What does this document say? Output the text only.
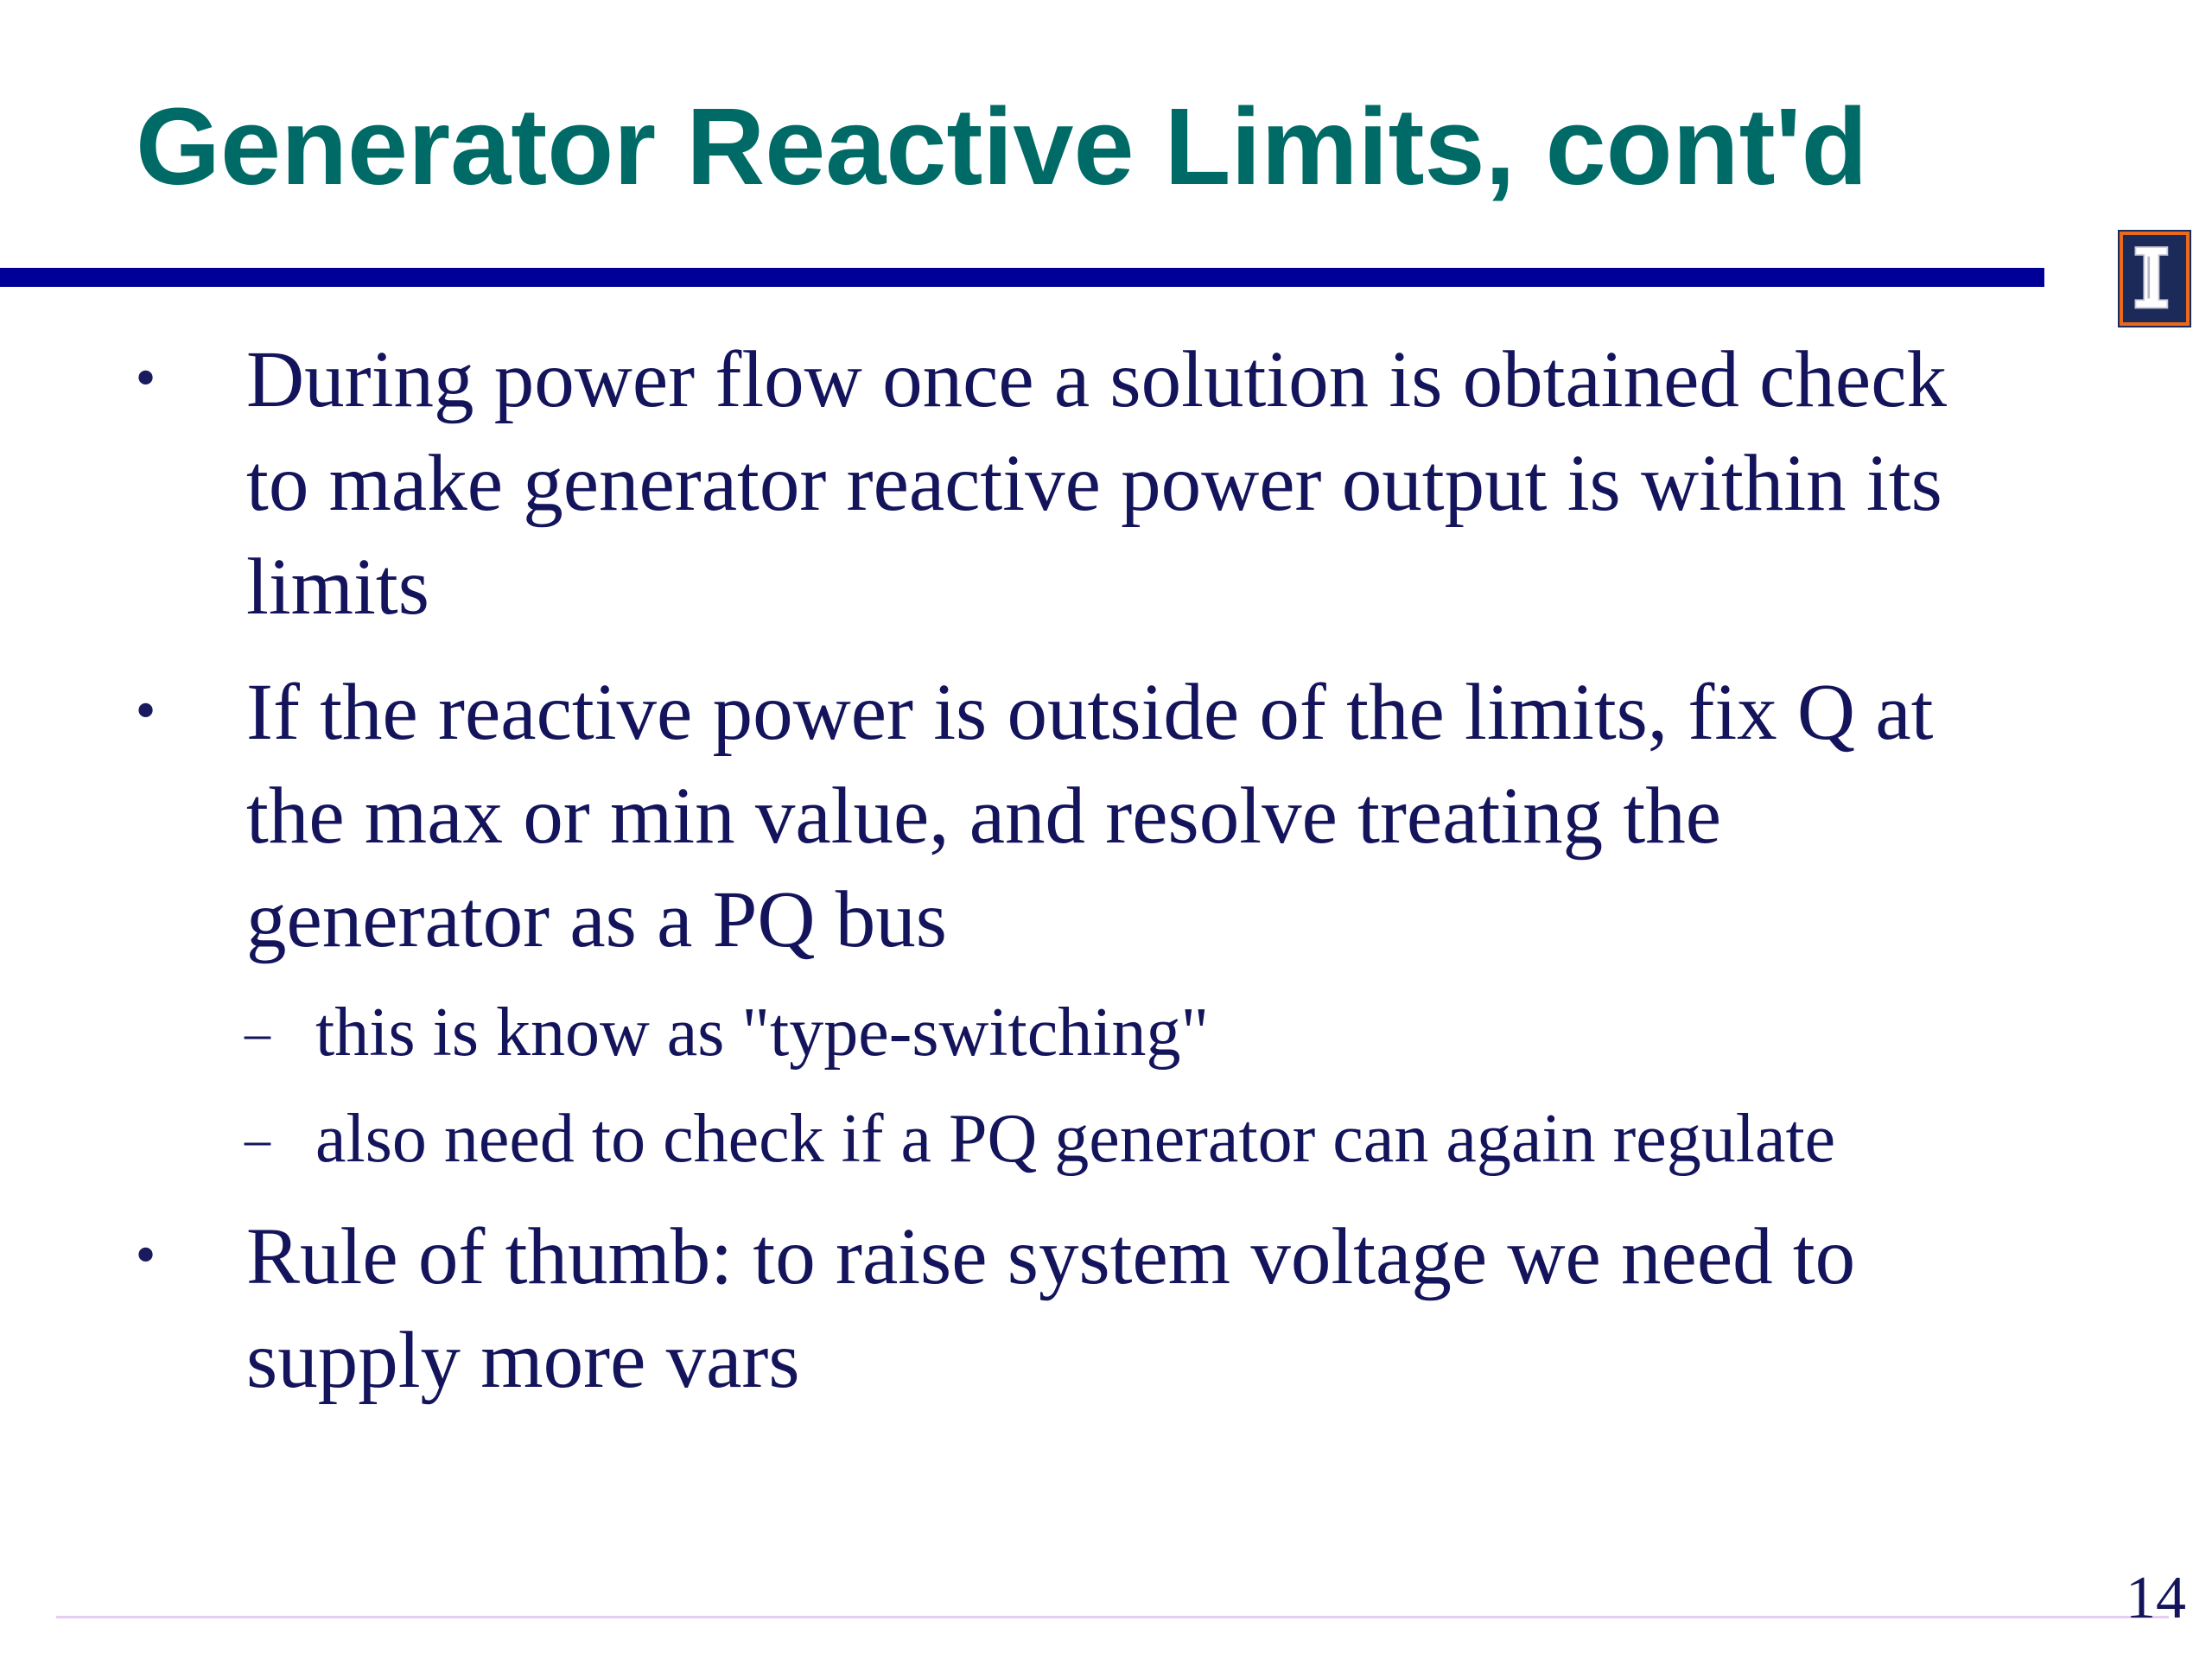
Generator Reactive Limits, cont'd
• During power flow once a solution is obtained check to make generator reactive power output is within its limits

• If the reactive power is outside of the limits, fix Q at the max or min value, and resolve treating the generator as a PQ bus

– this is know as "type-switching"

– also need to check if a PQ generator can again regulate

• Rule of thumb: to raise system voltage we need to supply more vars

14
